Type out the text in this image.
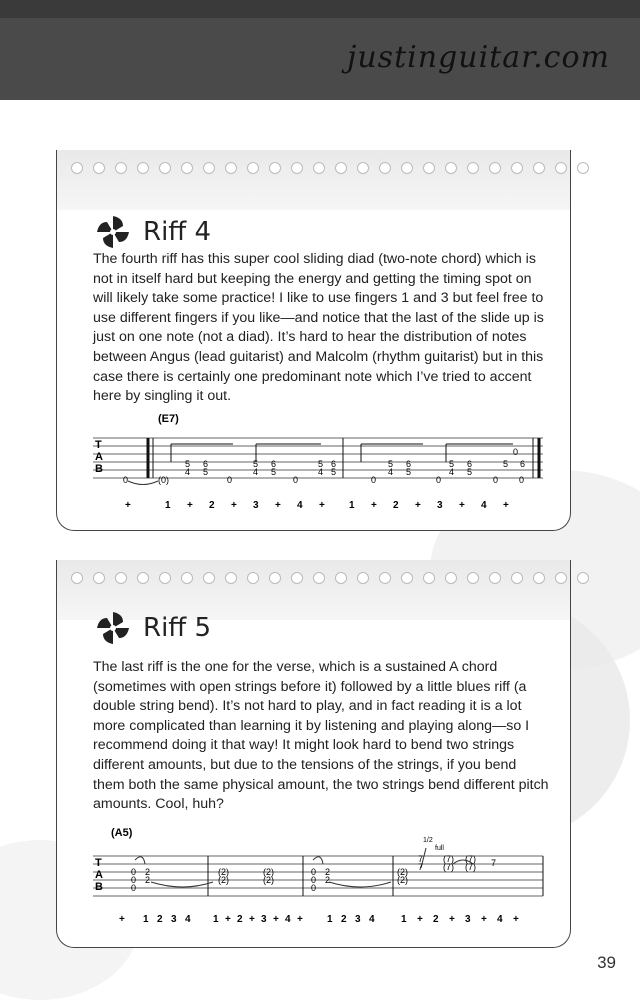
justinguitar.com
Riff 4
The fourth riff has this super cool sliding diad (two-note chord) which is not in itself hard but keeping the energy and getting the timing spot on will likely take some practice! I like to use fingers 1 and 3 but feel free to use different fingers if you like—and notice that the last of the slide up is just on one note (not a diad). It’s hard to hear the distribution of notes between Angus (lead guitarist) and Malcolm (rhythm guitarist) but in this case there is certainly one predominant note which I’ve tried to accent here by singling it out.
(E7)
T
A
B
0	(0)
5
4
6
5
5
4
6
5
5
4
6
5
0	0	0
5
4
6
5
0
5
4
6
5
0
5 6
0
0
+	1 + 2 + 3 + 4 + 1 + 2 + 3 + 4 +
Riff 5
The last riff is the one for the verse, which is a sustained A chord (sometimes with open strings before it) followed by a little blues riff (a double string bend). It’s not hard to play, and in fact reading it is a lot more complicated than learning it by listening and playing along—so I recommend doing it that way! It might look hard to bend two strings different amounts, but due to the tensions of the strings, if you bend them both the same physical amount, the two strings bend different pitch amounts. Cool, huh?
(A5)
1/2
full
T
A
B
0
0
0
2
2
(2)
(2)
(2)
(2)
0
0
0
2
2
(2)
(2)
7
7
(7)
(7)
(7)
(7) 7
+ 1 2 3 4 1 + 2 + 3 + 4 + 1 2 3 4	1 + 2 + 3 + 4 +
39
